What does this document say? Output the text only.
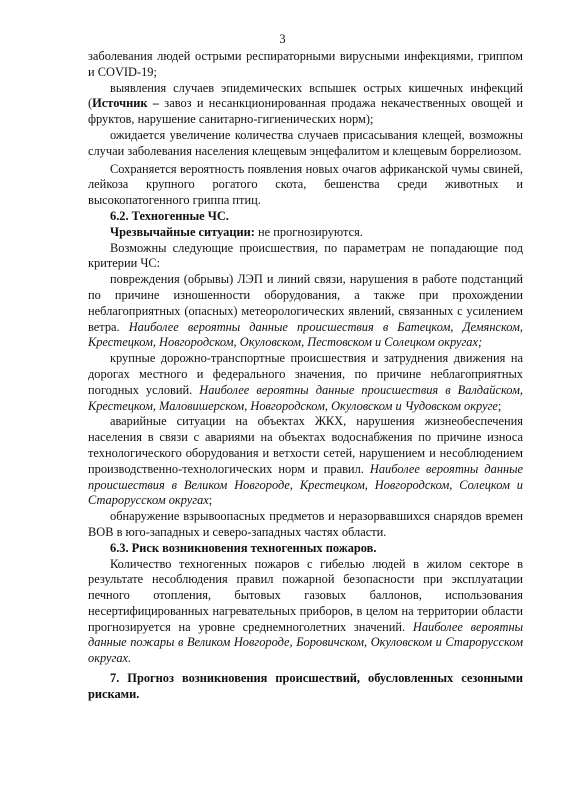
3

заболевания людей острыми респираторными вирусными инфекциями, гриппом и COVID-19;

выявления случаев эпидемических вспышек острых кишечных инфекций (Источник – завоз и несанкционированная продажа некачественных овощей и фруктов, нарушение санитарно-гигиенических норм);

ожидается увеличение количества случаев присасывания клещей, возможны случаи заболевания населения клещевым энцефалитом и клещевым боррелиозом.

Сохраняется вероятность появления новых очагов африканской чумы свиней, лейкоза крупного рогатого скота, бешенства среди животных и высокопатогенного гриппа птиц.

6.2. Техногенные ЧС.

Чрезвычайные ситуации: не прогнозируются.

Возможны следующие происшествия, по параметрам не попадающие под критерии ЧС:

повреждения (обрывы) ЛЭП и линий связи, нарушения в работе подстанций по причине изношенности оборудования, а также при прохождении неблагоприятных (опасных) метеорологических явлений, связанных с усилением ветра. Наиболее вероятны данные происшествия в Батецком, Демянском, Крестецком, Новгородском, Окуловском, Пестовском и Солецком округах;

крупные дорожно-транспортные происшествия и затруднения движения на дорогах местного и федерального значения, по причине неблагоприятных погодных условий. Наиболее вероятны данные происшествия в Валдайском, Крестецком, Маловишерском, Новгородском, Окуловском и Чудовском округе;

аварийные ситуации на объектах ЖКХ, нарушения жизнеобеспечения населения в связи с авариями на объектах водоснабжения по причине износа технологического оборудования и ветхости сетей, нарушением и несоблюдением производственно-технологических норм и правил. Наиболее вероятны данные происшествия в Великом Новгороде, Крестецком, Новгородском, Солецком и Старорусском округах;

обнаружение взрывоопасных предметов и неразорвавшихся снарядов времен ВОВ в юго-западных и северо-западных частях области.

6.3. Риск возникновения техногенных пожаров.

Количество техногенных пожаров с гибелью людей в жилом секторе в результате несоблюдения правил пожарной безопасности при эксплуатации печного отопления, бытовых газовых баллонов, использования несертифицированных нагревательных приборов, в целом на территории области прогнозируется на уровне среднемноголетних значений. Наиболее вероятны данные пожары в Великом Новгороде, Боровичском, Окуловском и Старорусском округах.

7. Прогноз возникновения происшествий, обусловленных сезонными рисками.
